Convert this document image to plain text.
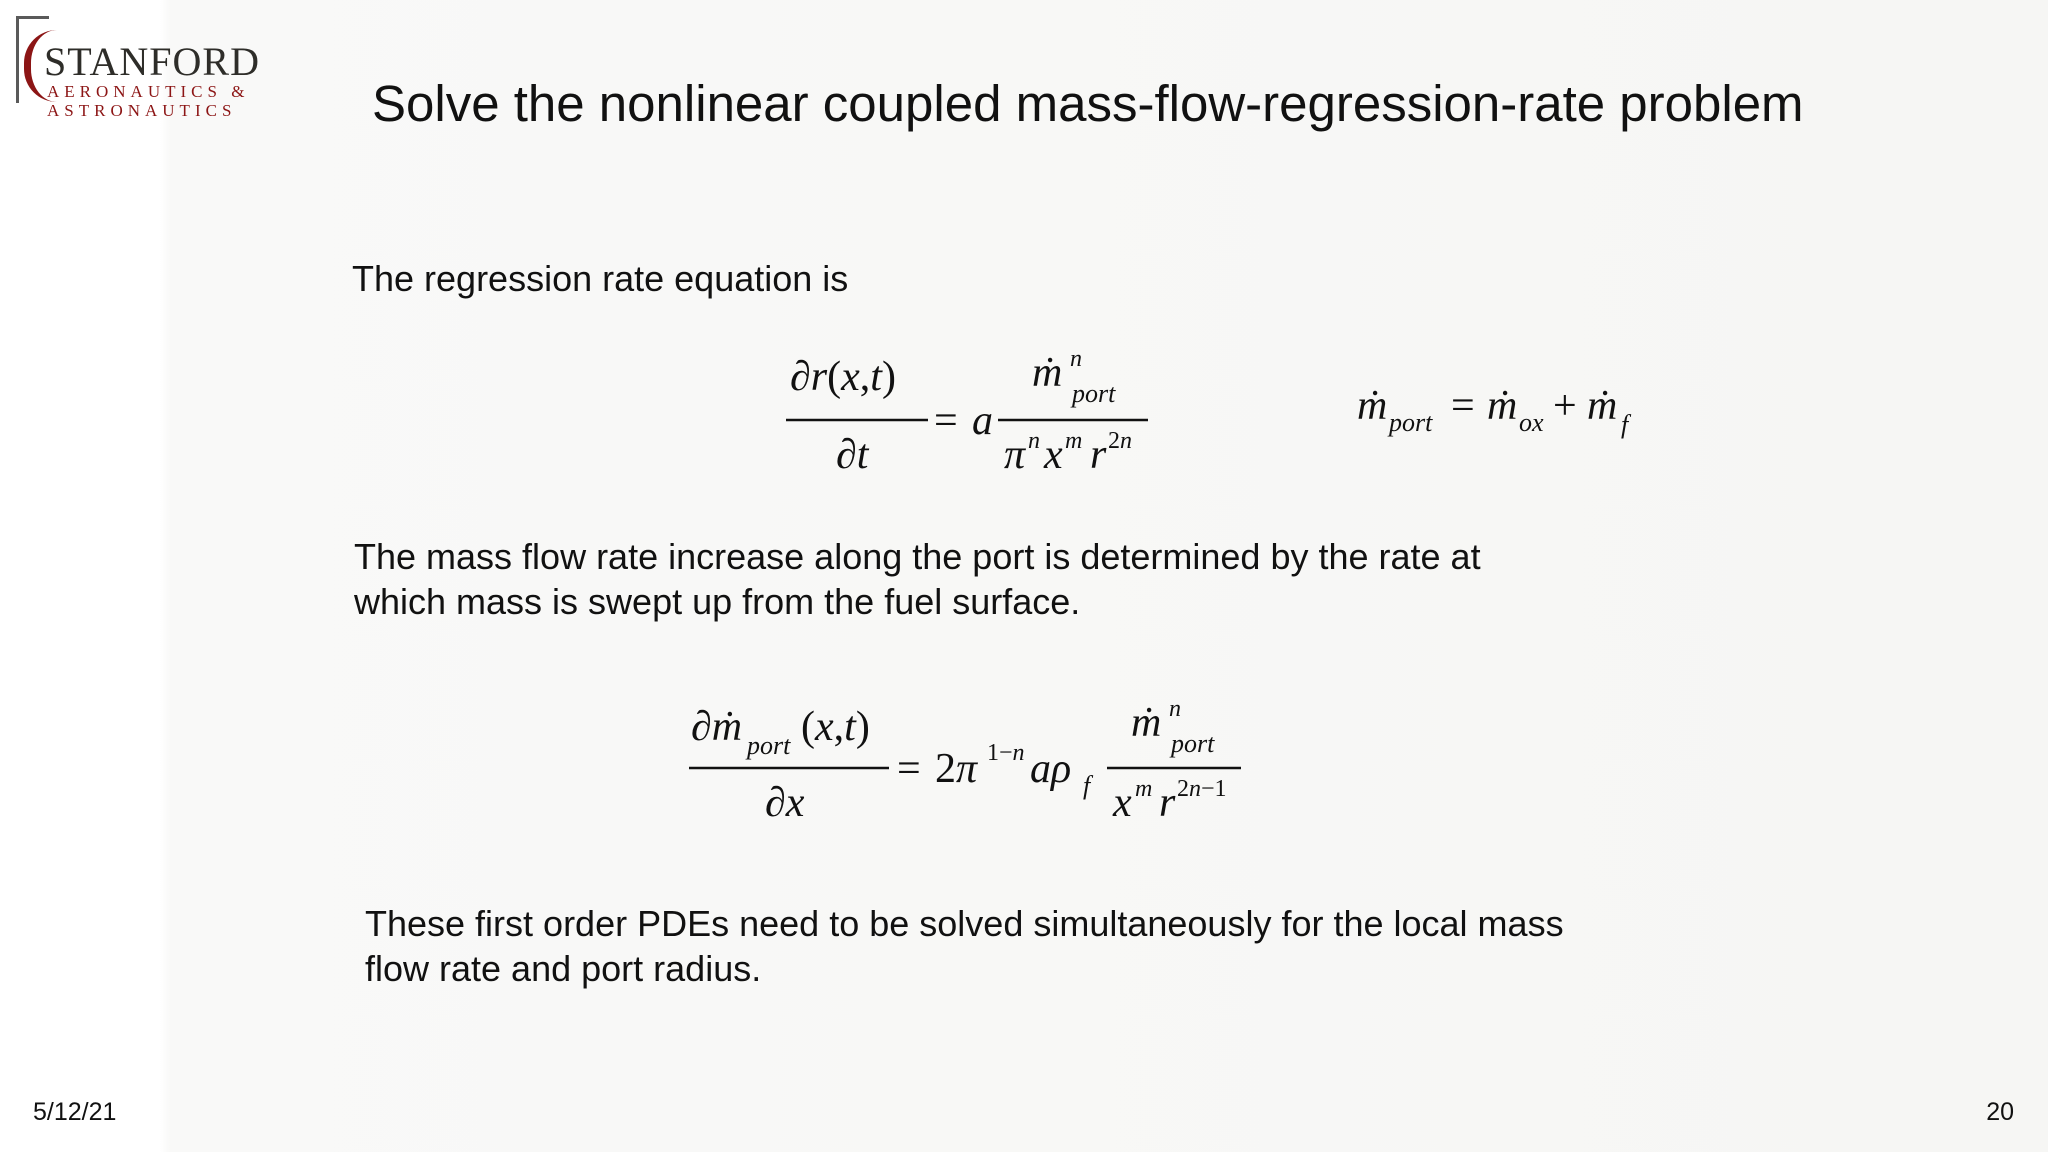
STANFORD
AERONAUTICS &
ASTRONAUTICS	Solve the nonlinear coupled mass-flow-regression-rate problem
The regression rate equation is
∂r(x,t)
∂t
= a
ṁ n
port
π n x m r 2n
ṁ port = ṁ ox + ṁ f
The mass flow rate increase along the port is determined by the rate at
which mass is swept up from the fuel surface.
∂ṁ port (x,t)
∂x
= 2π 1−n aρ f
ṁ n
port
x m r 2n−1
These first order PDEs need to be solved simultaneously for the local mass
flow rate and port radius.
5/12/21	20
